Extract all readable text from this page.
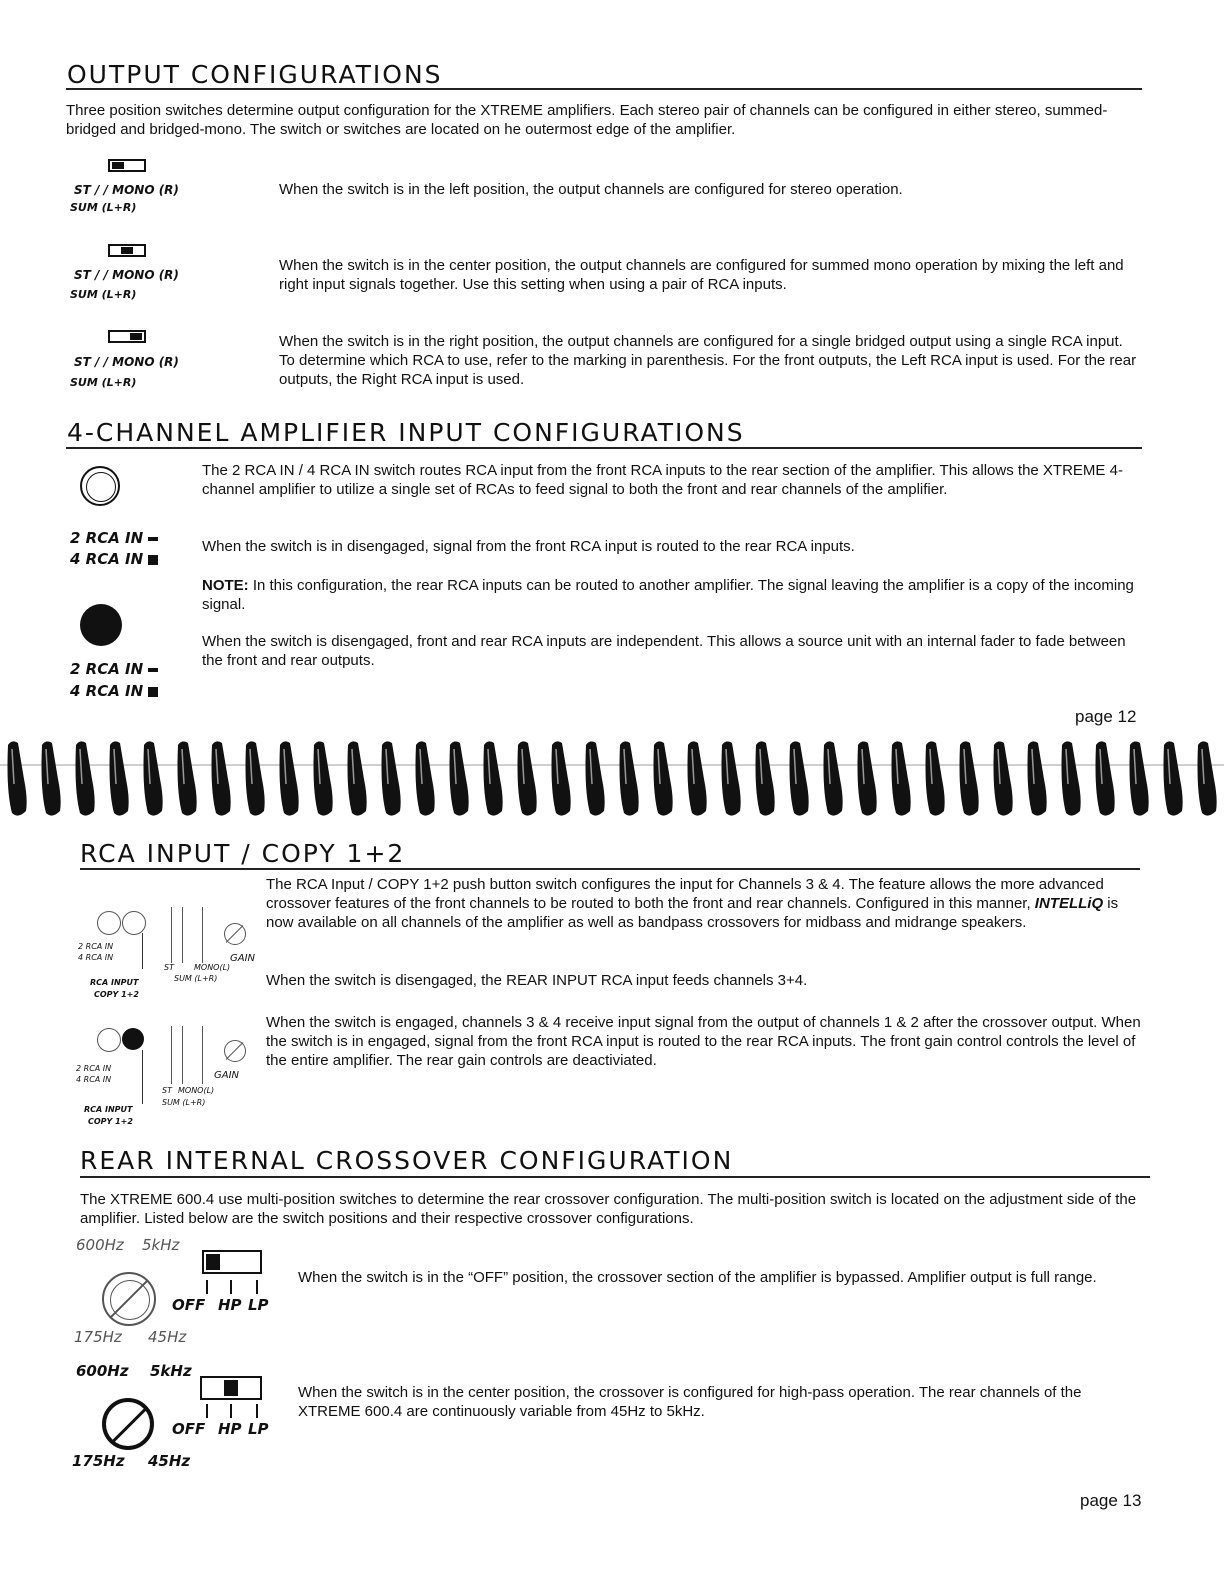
OUTPUT CONFIGURATIONS
Three position switches determine output configuration for the XTREME amplifiers. Each stereo pair of channels can be configured in either stereo, summed-bridged and bridged-mono. The switch or switches are located on he outermost edge of the amplifier.
ST / / MONO (R)
SUM (L+R)
When the switch is in the left position, the output channels are configured for stereo operation.
ST / / MONO (R)
SUM (L+R)
When the switch is in the center position, the output channels are configured for summed mono operation by mixing the left and right input signals together. Use this setting when using a pair of RCA inputs.
ST / / MONO (R)
SUM (L+R)
When the switch is in the right position, the output channels are configured for a single bridged output using a single RCA input. To determine which RCA to use, refer to the marking in parenthesis. For the front outputs, the Left RCA input is used. For the rear outputs, the Right RCA input is used.
4-CHANNEL AMPLIFIER INPUT CONFIGURATIONS
The 2 RCA IN / 4 RCA IN switch routes RCA input from the front RCA inputs to the rear section of the amplifier. This allows the XTREME 4-channel amplifier to utilize a single set of RCAs to feed signal to both the front and rear channels of the amplifier.
2 RCA IN
4 RCA IN
When the switch is in disengaged, signal from the front RCA input is routed to the rear RCA inputs.
NOTE: In this configuration, the rear RCA inputs can be routed to another amplifier. The signal leaving the amplifier is a copy of the incoming signal.
When the switch is disengaged, front and rear RCA inputs are independent. This allows a source unit with an internal fader to fade between the front and rear outputs.
2 RCA IN
4 RCA IN
page 12
RCA INPUT / COPY 1+2
The RCA Input / COPY 1+2 push button switch configures the input for Channels 3 & 4. The feature allows the more advanced crossover features of the front channels to be routed to both the front and rear channels. Configured in this manner, INTELLiQ is now available on all channels of the amplifier as well as bandpass crossovers for midbass and midrange speakers.
When the switch is disengaged, the REAR INPUT RCA input feeds channels 3+4.
When the switch is engaged, channels 3 & 4 receive input signal from the output of channels 1 & 2 after the crossover output. When the switch is in engaged, signal from the front RCA input is routed to the rear RCA inputs. The front gain control controls the level of the entire amplifier. The rear gain controls are deactiviated.
2 RCA IN
4 RCA IN
RCA INPUT
COPY 1+2
GAIN
ST	MONO(L)
SUM (L+R)
2 RCA IN
4 RCA IN
RCA INPUT
COPY 1+2
GAIN
ST MONO(L)
SUM (L+R)
REAR INTERNAL CROSSOVER CONFIGURATION
The XTREME 600.4 use multi-position switches to determine the rear crossover configuration. The multi-position switch is located on the adjustment side of the amplifier. Listed below are the switch positions and their respective crossover configurations.
600Hz 5kHz
OFF HP LP
175Hz 45Hz
When the switch is in the “OFF” position, the crossover section of the amplifier is bypassed. Amplifier output is full range.
600Hz 5kHz
OFF HP LP
175Hz 45Hz
When the switch is in the center position, the crossover is configured for high-pass operation. The rear channels of the XTREME 600.4 are continuously variable from 45Hz to 5kHz.
page 13
